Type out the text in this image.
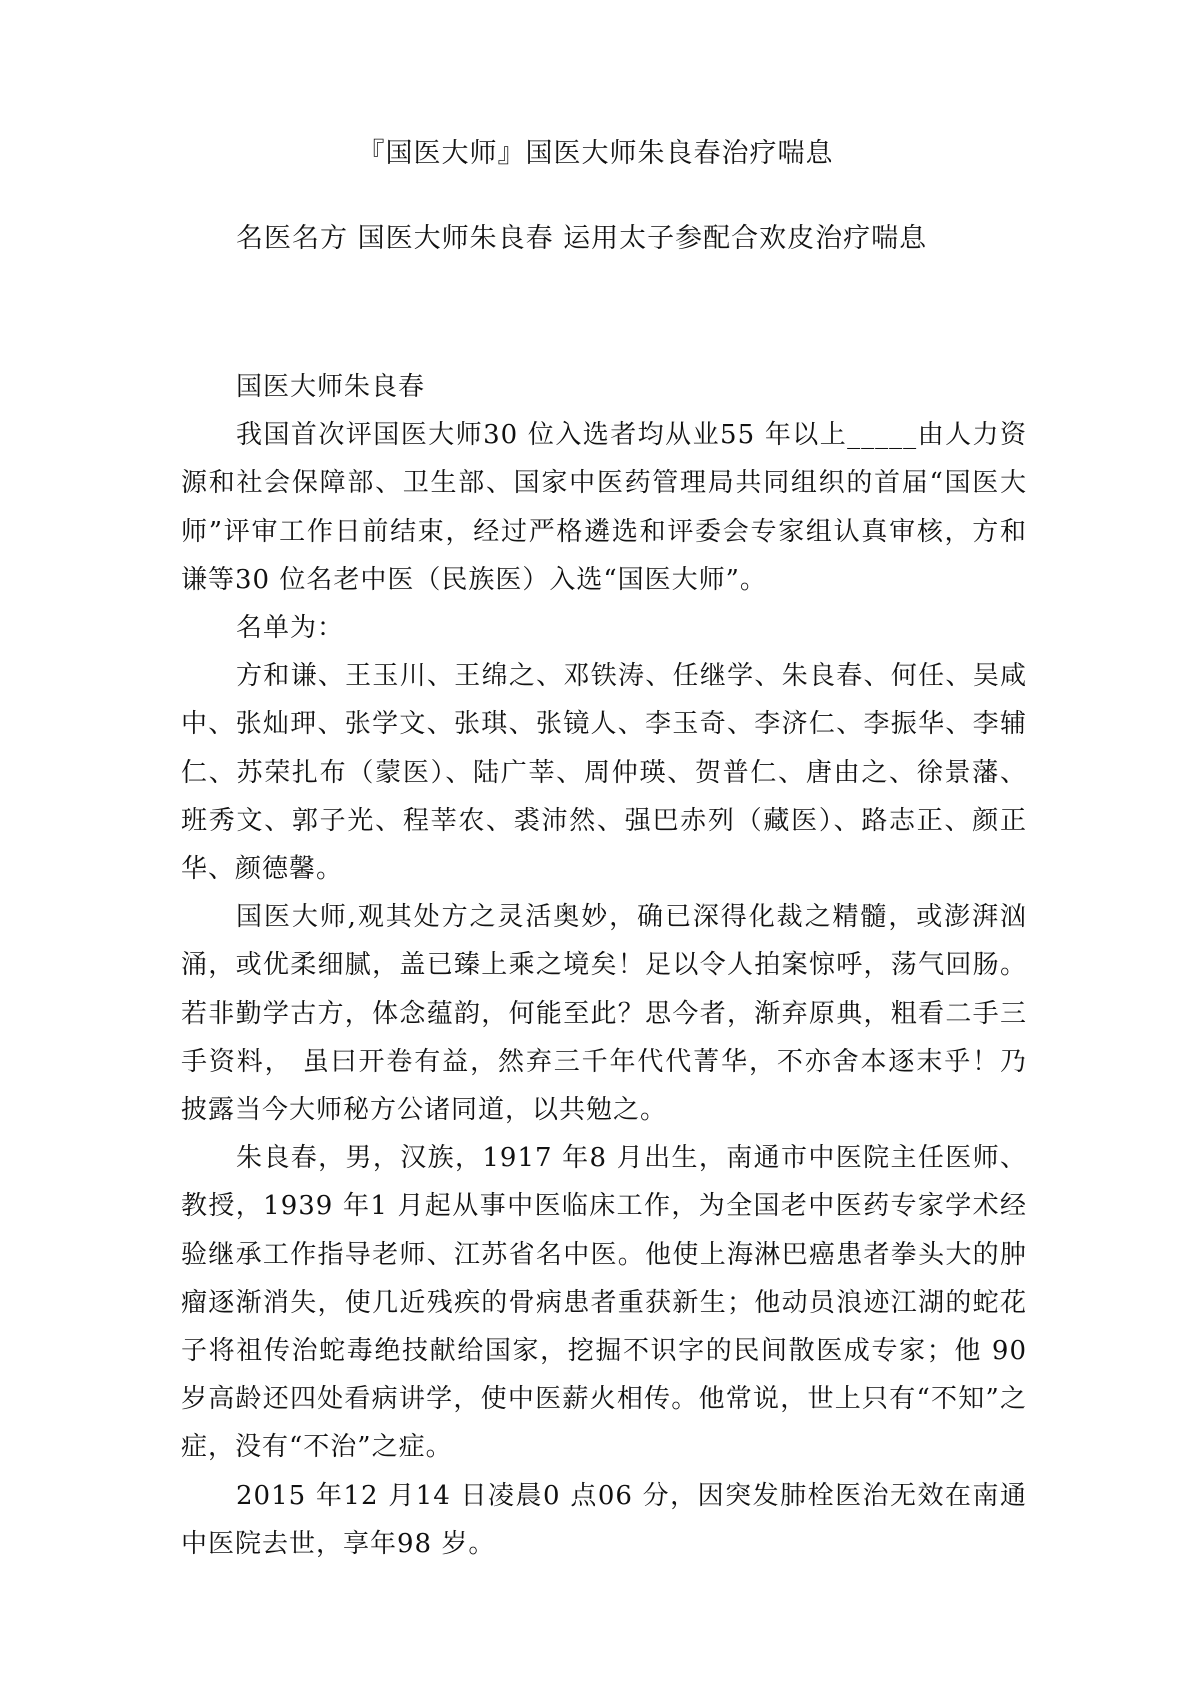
『国医大师』国医大师朱良春治疗喘息
名医名方 国医大师朱良春 运用太子参配合欢皮治疗喘息

国医大师朱良春

我国首次评国医大师30 位入选者均从业55 年以上_____由人力资源和社会保障部、卫生部、国家中医药管理局共同组织的首届“国医大师”评审工作日前结束，经过严格遴选和评委会专家组认真审核，方和谦等30 位名老中医（民族医）入选“国医大师”。

名单为：

方和谦、王玉川、王绵之、邓铁涛、任继学、朱良春、何任、吴咸中、张灿玾、张学文、张琪、张镜人、李玉奇、李济仁、李振华、李辅仁、苏荣扎布（蒙医）、陆广莘、周仲瑛、贺普仁、唐由之、徐景藩、班秀文、郭子光、程莘农、裘沛然、强巴赤列（藏医）、路志正、颜正华、颜德馨。

国医大师,观其处方之灵活奥妙，确已深得化裁之精髓，或澎湃汹涌，或优柔细腻，盖已臻上乘之境矣！足以令人拍案惊呼，荡气回肠。若非勤学古方，体念蕴韵，何能至此？思今者，渐弃原典，粗看二手三手资料， 虽曰开卷有益，然弃三千年代代菁华，不亦舍本逐末乎！乃披露当今大师秘方公诸同道，以共勉之。

朱良春，男，汉族，1917 年8 月出生，南通市中医院主任医师、教授，1939 年1 月起从事中医临床工作，为全国老中医药专家学术经验继承工作指导老师、江苏省名中医。他使上海淋巴癌患者拳头大的肿瘤逐渐消失，使几近残疾的骨病患者重获新生；他动员浪迹江湖的蛇花子将祖传治蛇毒绝技献给国家，挖掘不识字的民间散医成专家；他 90 岁高龄还四处看病讲学，使中医薪火相传。他常说，世上只有“不知”之症，没有“不治”之症。

2015 年12 月14 日凌晨0 点06 分，因突发肺栓医治无效在南通中医院去世，享年98 岁。
